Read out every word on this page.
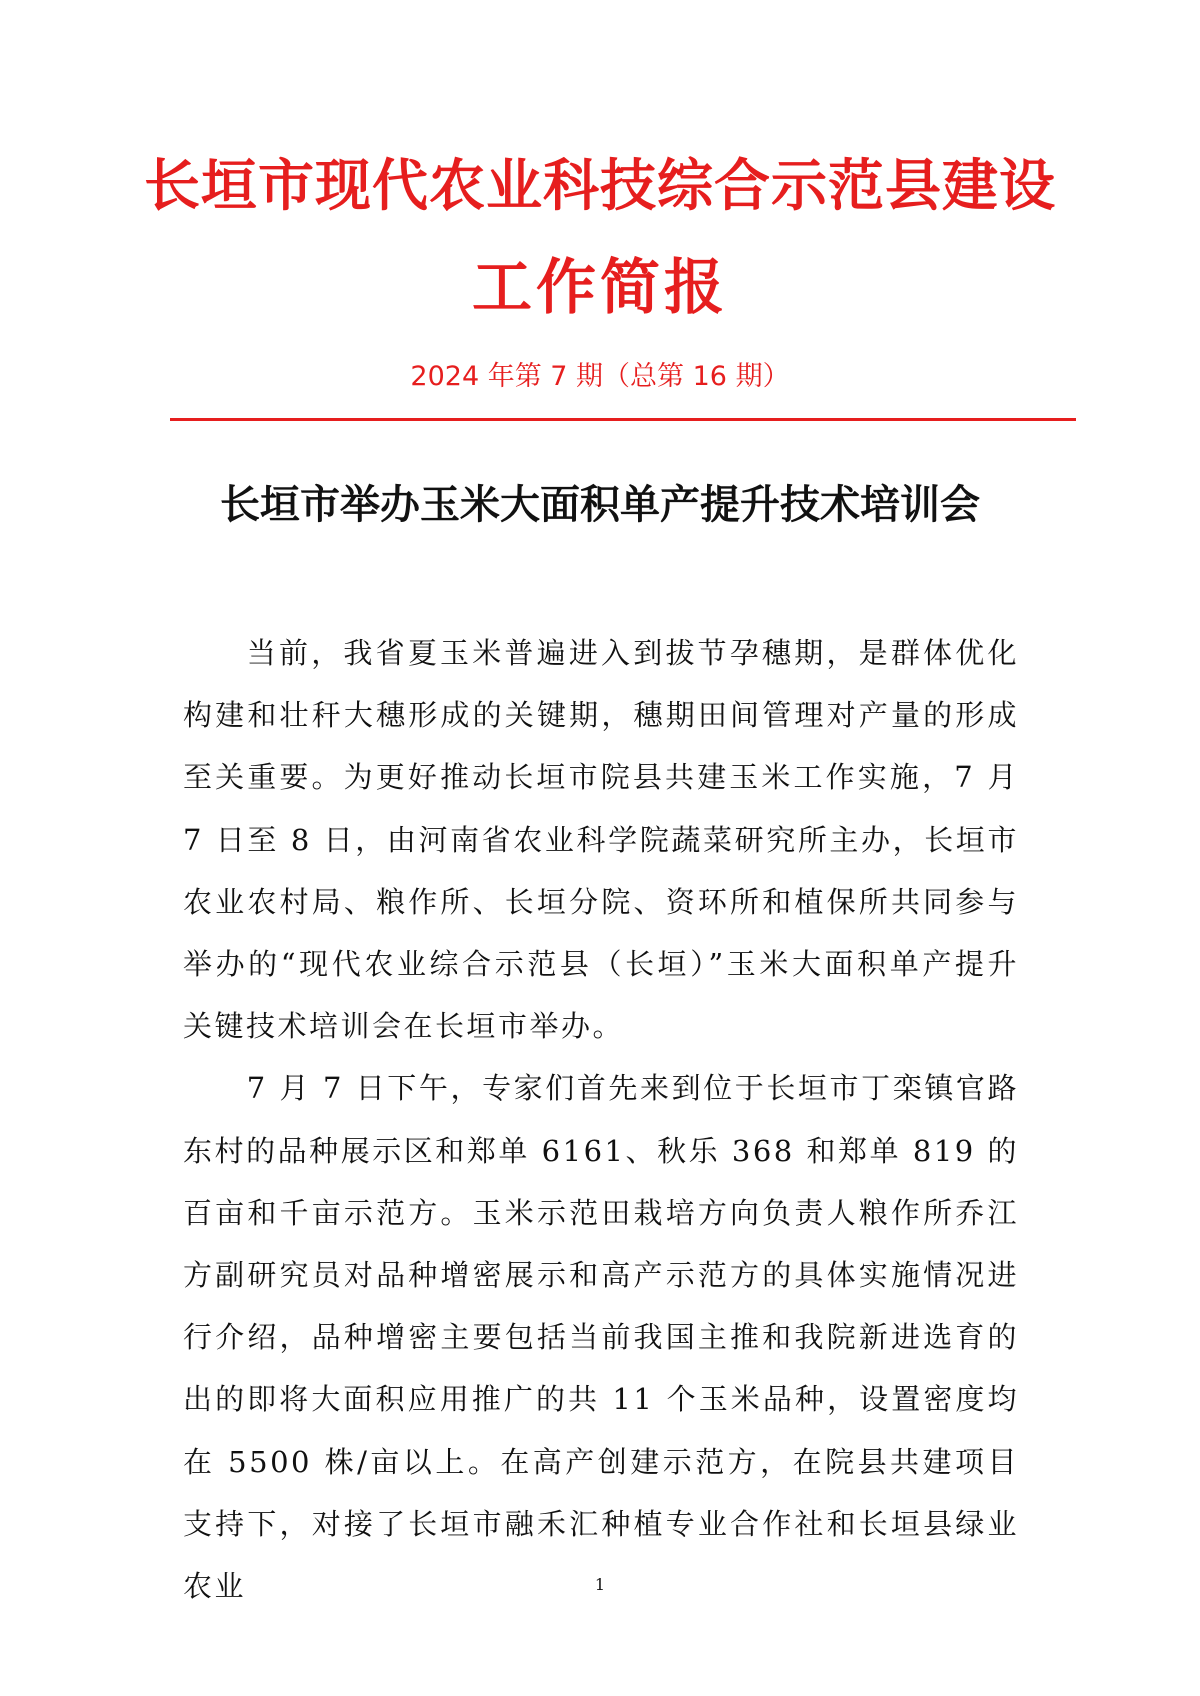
长垣市现代农业科技综合示范县建设
工作简报
2024 年第 7 期（总第 16 期）
长垣市举办玉米大面积单产提升技术培训会

当前，我省夏玉米普遍进入到拔节孕穗期，是群体优化构建和壮秆大穗形成的关键期，穗期田间管理对产量的形成至关重要。为更好推动长垣市院县共建玉米工作实施，7 月 7 日至 8 日，由河南省农业科学院蔬菜研究所主办，长垣市农业农村局、粮作所、长垣分院、资环所和植保所共同参与举办的“现代农业综合示范县（长垣）”玉米大面积单产提升关键技术培训会在长垣市举办。

7 月 7 日下午，专家们首先来到位于长垣市丁栾镇官路东村的品种展示区和郑单 6161、秋乐 368 和郑单 819 的百亩和千亩示范方。玉米示范田栽培方向负责人粮作所乔江方副研究员对品种增密展示和高产示范方的具体实施情况进行介绍，品种增密主要包括当前我国主推和我院新进选育的出的即将大面积应用推广的共 11 个玉米品种，设置密度均在 5500 株/亩以上。在高产创建示范方，在院县共建项目支持下，对接了长垣市融禾汇种植专业合作社和长垣县绿业农业	1
